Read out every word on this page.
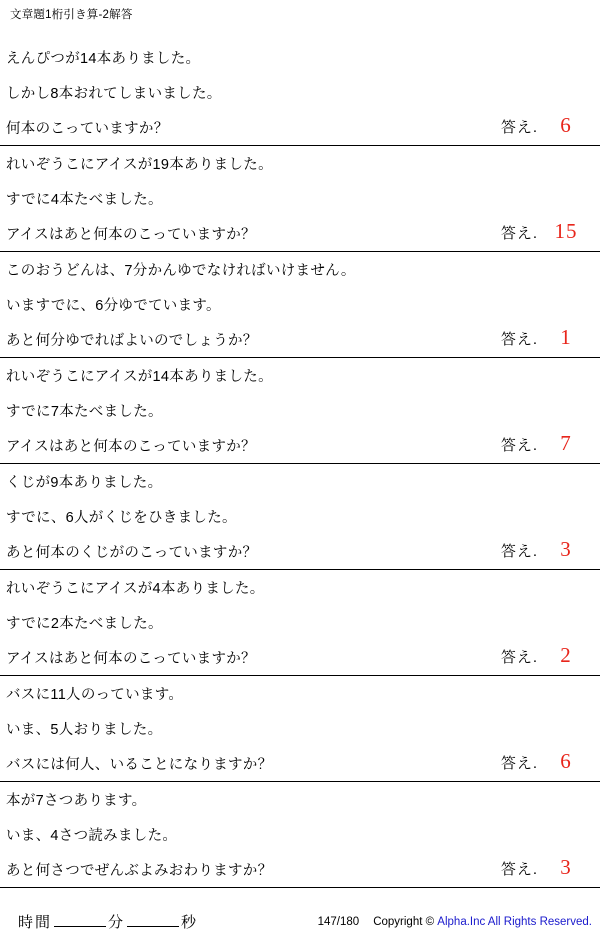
文章題1桁引き算-2解答
えんぴつが14本ありました。
しかし8本おれてしまいました。
何本のこっていますか？	答え.	6
れいぞうこにアイスが19本ありました。
すでに4本たべました。
アイスはあと何本のこっていますか？	答え. 15
このおうどんは、7分かんゆでなければいけません。
いますでに、6分ゆでています。
あと何分ゆでればよいのでしょうか？	答え.	1
れいぞうこにアイスが14本ありました。
すでに7本たべました。
アイスはあと何本のこっていますか？	答え.	7
くじが9本ありました。
すでに、6人がくじをひきました。
あと何本のくじがのこっていますか？	答え.	3
れいぞうこにアイスが4本ありました。
すでに2本たべました。
アイスはあと何本のこっていますか？	答え.	2
バスに11人のっています。
いま、5人おりました。
バスには何人、いることになりますか？	答え.	6
本が7さつあります。
いま、4さつ読みました。
あと何さつでぜんぶよみおわりますか？	答え.	3
時間	分	秒	147/180 Copyright © Alpha.Inc All Rights Reserved.
